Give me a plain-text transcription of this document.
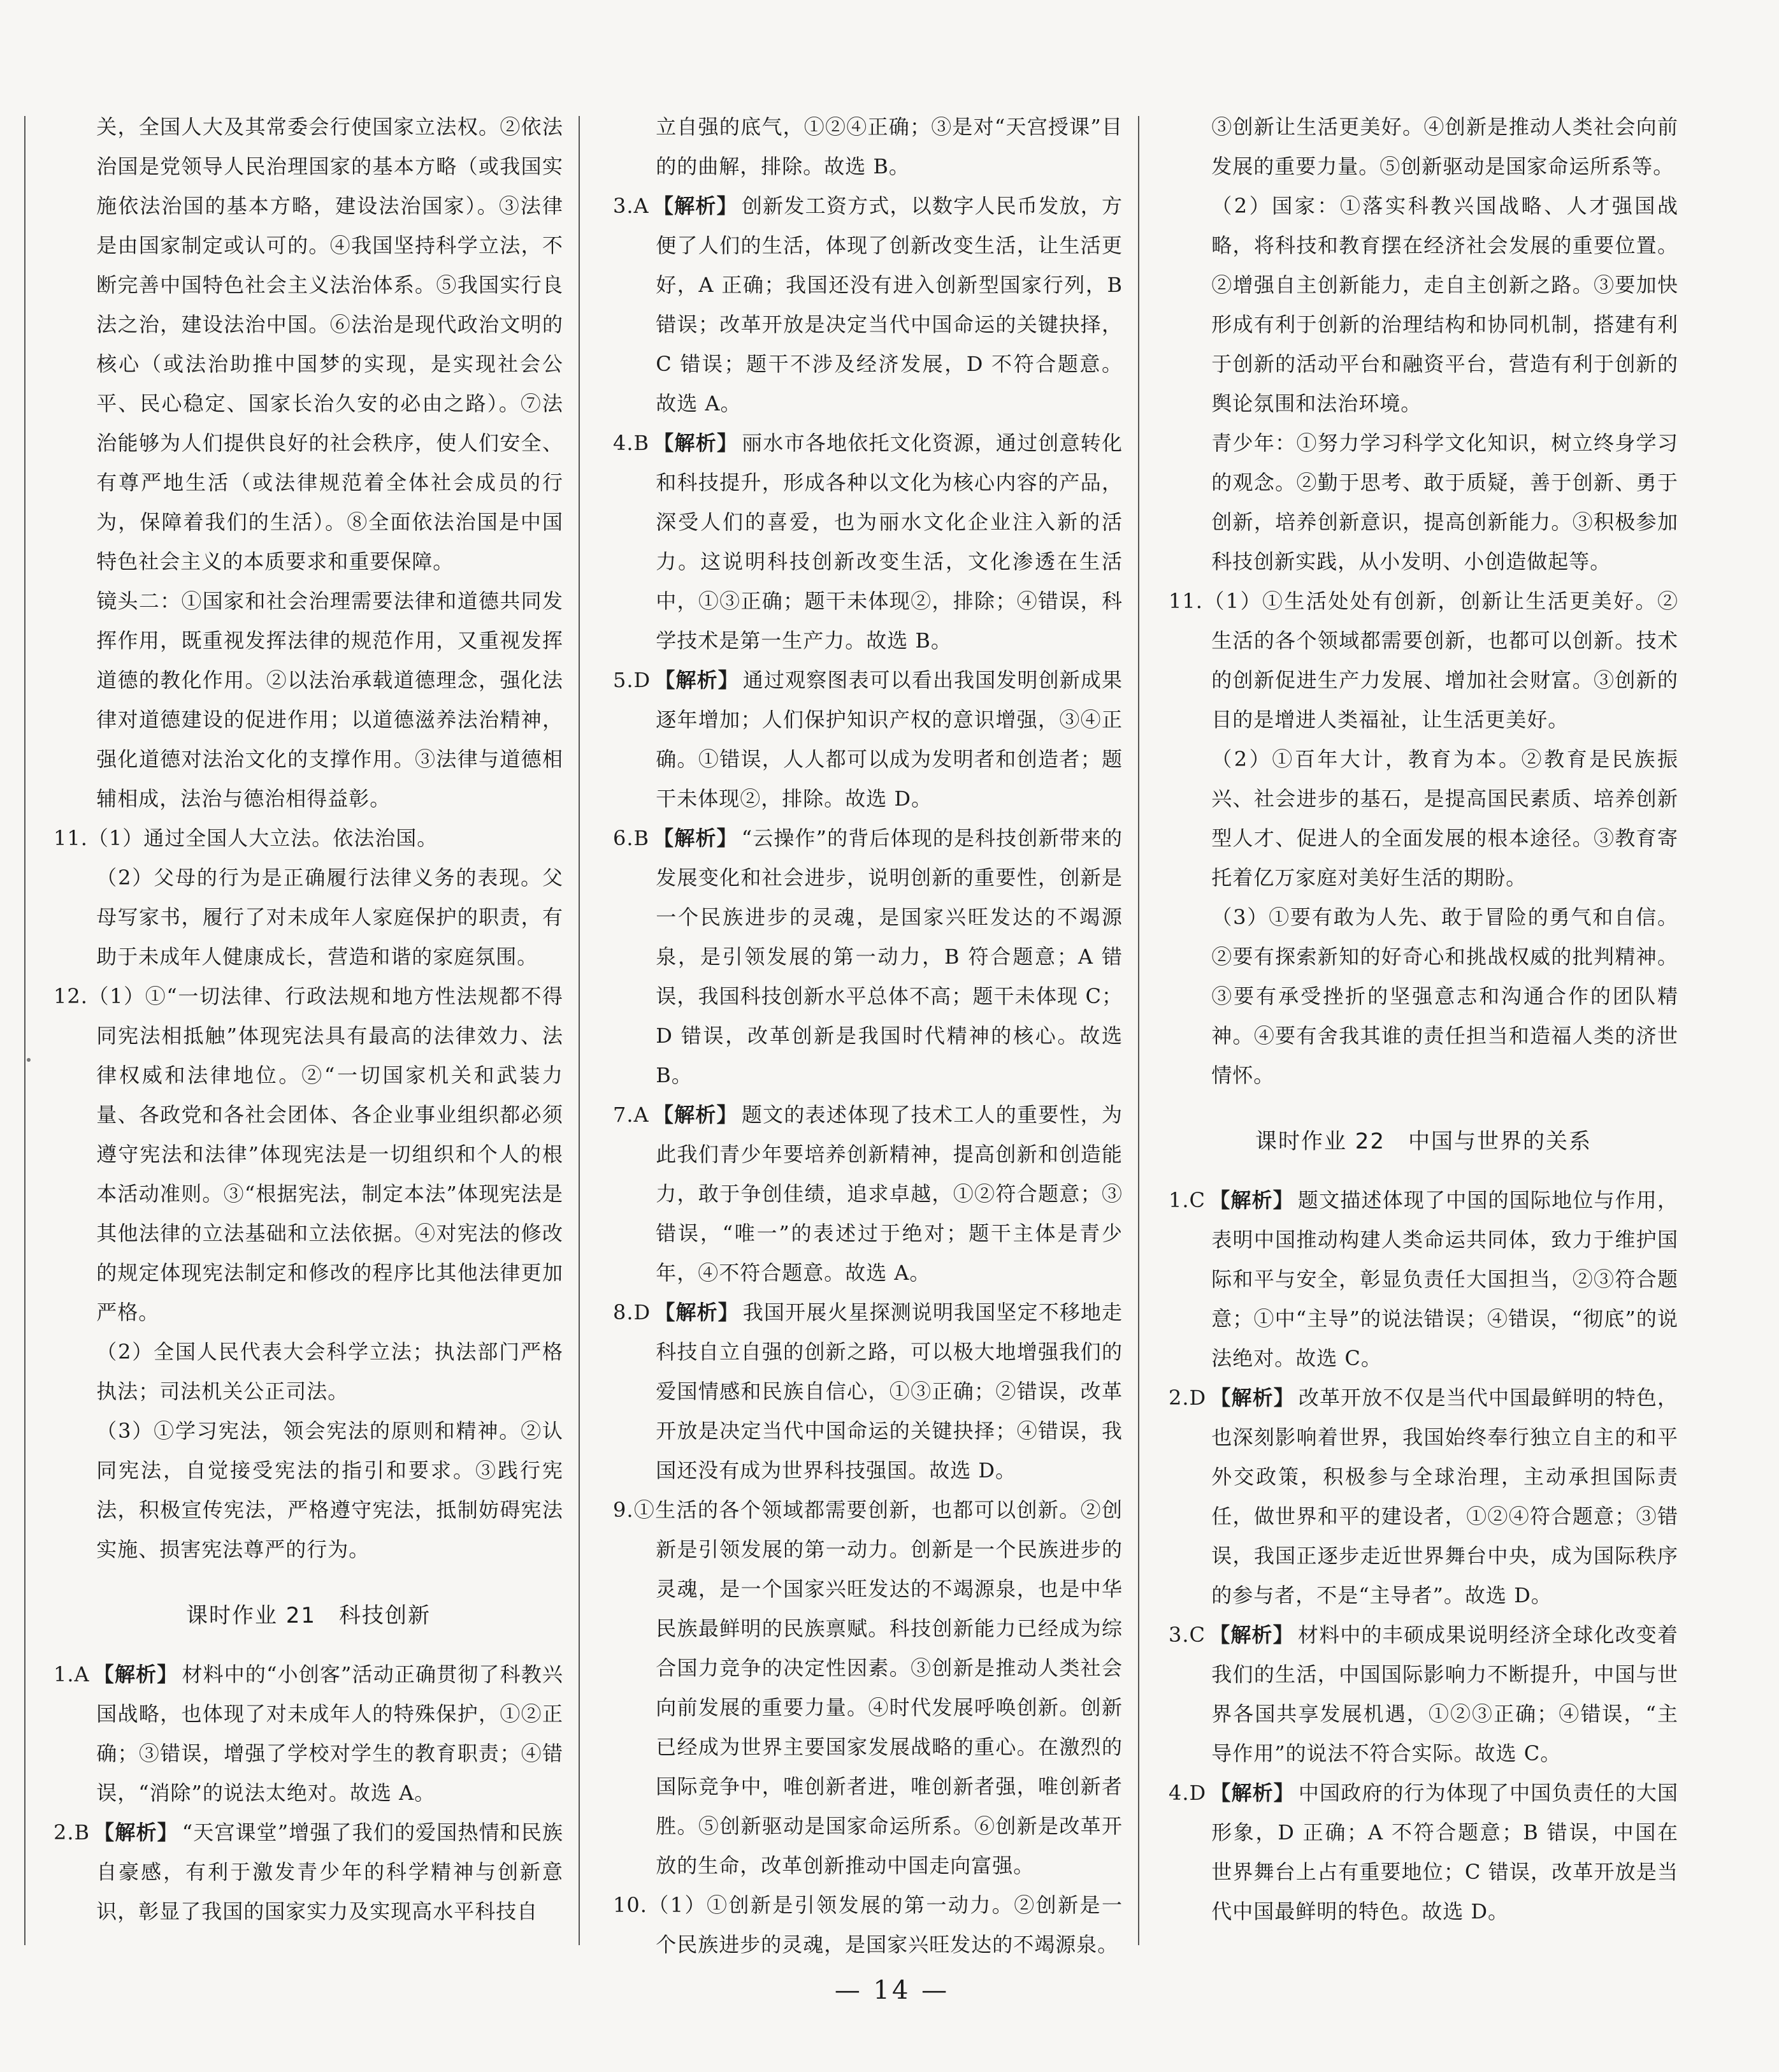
关，全国人大及其常委会行使国家立法权。②依法治国是党领导人民治理国家的基本方略（或我国实施依法治国的基本方略，建设法治国家）。③法律是由国家制定或认可的。④我国坚持科学立法，不断完善中国特色社会主义法治体系。⑤我国实行良法之治，建设法治中国。⑥法治是现代政治文明的核心（或法治助推中国梦的实现，是实现社会公平、民心稳定、国家长治久安的必由之路）。⑦法治能够为人们提供良好的社会秩序，使人们安全、有尊严地生活（或法律规范着全体社会成员的行为，保障着我们的生活）。⑧全面依法治国是中国特色社会主义的本质要求和重要保障。

镜头二：①国家和社会治理需要法律和道德共同发挥作用，既重视发挥法律的规范作用，又重视发挥道德的教化作用。②以法治承载道德理念，强化法律对道德建设的促进作用；以道德滋养法治精神，强化道德对法治文化的支撑作用。③法律与道德相辅相成，法治与德治相得益彰。

11.（1）通过全国人大立法。依法治国。

（2）父母的行为是正确履行法律义务的表现。父母写家书，履行了对未成年人家庭保护的职责，有助于未成年人健康成长，营造和谐的家庭氛围。

12.（1）①“一切法律、行政法规和地方性法规都不得同宪法相抵触”体现宪法具有最高的法律效力、法律权威和法律地位。②“一切国家机关和武装力量、各政党和各社会团体、各企业事业组织都必须遵守宪法和法律”体现宪法是一切组织和个人的根本活动准则。③“根据宪法，制定本法”体现宪法是其他法律的立法基础和立法依据。④对宪法的修改的规定体现宪法制定和修改的程序比其他法律更加严格。

（2）全国人民代表大会科学立法；执法部门严格执法；司法机关公正司法。

（3）①学习宪法，领会宪法的原则和精神。②认同宪法，自觉接受宪法的指引和要求。③践行宪法，积极宣传宪法，严格遵守宪法，抵制妨碍宪法实施、损害宪法尊严的行为。

课时作业 21　科技创新

1.A 【解析】 材料中的“小创客”活动正确贯彻了科教兴国战略，也体现了对未成年人的特殊保护，①②正确；③错误，增强了学校对学生的教育职责；④错误，“消除”的说法太绝对。故选 A。

2.B 【解析】 “天宫课堂”增强了我们的爱国热情和民族自豪感，有利于激发青少年的科学精神与创新意识，彰显了我国的国家实力及实现高水平科技自

立自强的底气，①②④正确；③是对“天宫授课”目的的曲解，排除。故选 B。

3.A 【解析】 创新发工资方式，以数字人民币发放，方便了人们的生活，体现了创新改变生活，让生活更好，A 正确；我国还没有进入创新型国家行列，B 错误；改革开放是决定当代中国命运的关键抉择，C 错误；题干不涉及经济发展，D 不符合题意。故选 A。

4.B 【解析】 丽水市各地依托文化资源，通过创意转化和科技提升，形成各种以文化为核心内容的产品，深受人们的喜爱，也为丽水文化企业注入新的活力。这说明科技创新改变生活，文化渗透在生活中，①③正确；题干未体现②，排除；④错误，科学技术是第一生产力。故选 B。

5.D 【解析】 通过观察图表可以看出我国发明创新成果逐年增加；人们保护知识产权的意识增强，③④正确。①错误，人人都可以成为发明者和创造者；题干未体现②，排除。故选 D。

6.B 【解析】 “云操作”的背后体现的是科技创新带来的发展变化和社会进步，说明创新的重要性，创新是一个民族进步的灵魂，是国家兴旺发达的不竭源泉，是引领发展的第一动力，B 符合题意；A 错误，我国科技创新水平总体不高；题干未体现 C；D 错误，改革创新是我国时代精神的核心。故选 B。

7.A 【解析】 题文的表述体现了技术工人的重要性，为此我们青少年要培养创新精神，提高创新和创造能力，敢于争创佳绩，追求卓越，①②符合题意；③错误，“唯一”的表述过于绝对；题干主体是青少年，④不符合题意。故选 A。

8.D 【解析】 我国开展火星探测说明我国坚定不移地走科技自立自强的创新之路，可以极大地增强我们的爱国情感和民族自信心，①③正确；②错误，改革开放是决定当代中国命运的关键抉择；④错误，我国还没有成为世界科技强国。故选 D。

9.①生活的各个领域都需要创新，也都可以创新。②创新是引领发展的第一动力。创新是一个民族进步的灵魂，是一个国家兴旺发达的不竭源泉，也是中华民族最鲜明的民族禀赋。科技创新能力已经成为综合国力竞争的决定性因素。③创新是推动人类社会向前发展的重要力量。④时代发展呼唤创新。创新已经成为世界主要国家发展战略的重心。在激烈的国际竞争中，唯创新者进，唯创新者强，唯创新者胜。⑤创新驱动是国家命运所系。⑥创新是改革开放的生命，改革创新推动中国走向富强。

10.（1）①创新是引领发展的第一动力。②创新是一个民族进步的灵魂，是国家兴旺发达的不竭源泉。

③创新让生活更美好。④创新是推动人类社会向前发展的重要力量。⑤创新驱动是国家命运所系等。

（2）国家：①落实科教兴国战略、人才强国战略，将科技和教育摆在经济社会发展的重要位置。②增强自主创新能力，走自主创新之路。③要加快形成有利于创新的治理结构和协同机制，搭建有利于创新的活动平台和融资平台，营造有利于创新的舆论氛围和法治环境。

青少年：①努力学习科学文化知识，树立终身学习的观念。②勤于思考、敢于质疑，善于创新、勇于创新，培养创新意识，提高创新能力。③积极参加科技创新实践，从小发明、小创造做起等。

11.（1）①生活处处有创新，创新让生活更美好。②生活的各个领域都需要创新，也都可以创新。技术的创新促进生产力发展、增加社会财富。③创新的目的是增进人类福祉，让生活更美好。

（2）①百年大计，教育为本。②教育是民族振兴、社会进步的基石，是提高国民素质、培养创新型人才、促进人的全面发展的根本途径。③教育寄托着亿万家庭对美好生活的期盼。

（3）①要有敢为人先、敢于冒险的勇气和自信。②要有探索新知的好奇心和挑战权威的批判精神。③要有承受挫折的坚强意志和沟通合作的团队精神。④要有舍我其谁的责任担当和造福人类的济世情怀。

课时作业 22　中国与世界的关系

1.C 【解析】 题文描述体现了中国的国际地位与作用，表明中国推动构建人类命运共同体，致力于维护国际和平与安全，彰显负责任大国担当，②③符合题意；①中“主导”的说法错误；④错误，“彻底”的说法绝对。故选 C。

2.D 【解析】 改革开放不仅是当代中国最鲜明的特色，也深刻影响着世界，我国始终奉行独立自主的和平外交政策，积极参与全球治理，主动承担国际责任，做世界和平的建设者，①②④符合题意；③错误，我国正逐步走近世界舞台中央，成为国际秩序的参与者，不是“主导者”。故选 D。

3.C 【解析】 材料中的丰硕成果说明经济全球化改变着我们的生活，中国国际影响力不断提升，中国与世界各国共享发展机遇，①②③正确；④错误，“主导作用”的说法不符合实际。故选 C。

4.D 【解析】 中国政府的行为体现了中国负责任的大国形象，D 正确；A 不符合题意；B 错误，中国在世界舞台上占有重要地位；C 错误，改革开放是当代中国最鲜明的特色。故选 D。

— 14 —
